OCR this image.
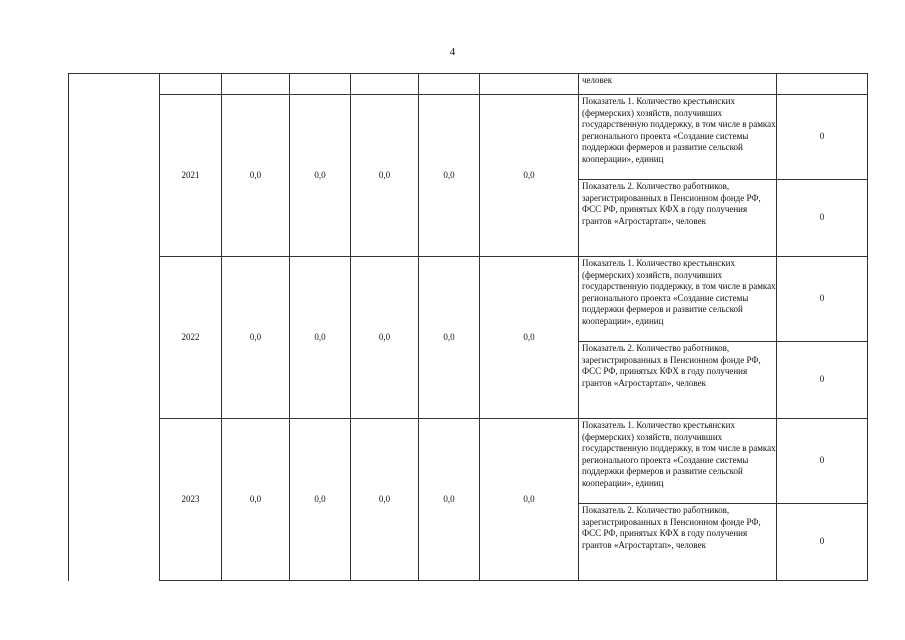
4
							человек	
	2021	0,0	0,0	0,0	0,0	0,0	Показатель 1. Количество крестьянских (фермерских) хозяйств, получивших государственную поддержку, в том числе в рамках регионального проекта «Создание системы поддержки фермеров и развитие сельской кооперации», единиц	0
							Показатель 2. Количество работников, зарегистрированных в Пенсионном фонде РФ, ФСС РФ, принятых КФХ в году получения грантов «Агростартап», человек	0
	2022	0,0	0,0	0,0	0,0	0,0	Показатель 1. Количество крестьянских (фермерских) хозяйств, получивших государственную поддержку, в том числе в рамках регионального проекта «Создание системы поддержки фермеров и развитие сельской кооперации», единиц	0
							Показатель 2. Количество работников, зарегистрированных в Пенсионном фонде РФ, ФСС РФ, принятых КФХ в году получения грантов «Агростартап», человек	0
	2023	0,0	0,0	0,0	0,0	0,0	Показатель 1. Количество крестьянских (фермерских) хозяйств, получивших государственную поддержку, в том числе в рамках регионального проекта «Создание системы поддержки фермеров и развитие сельской кооперации», единиц	0
							Показатель 2. Количество работников, зарегистрированных в Пенсионном фонде РФ, ФСС РФ, принятых КФХ в году получения грантов «Агростартап», человек	0
